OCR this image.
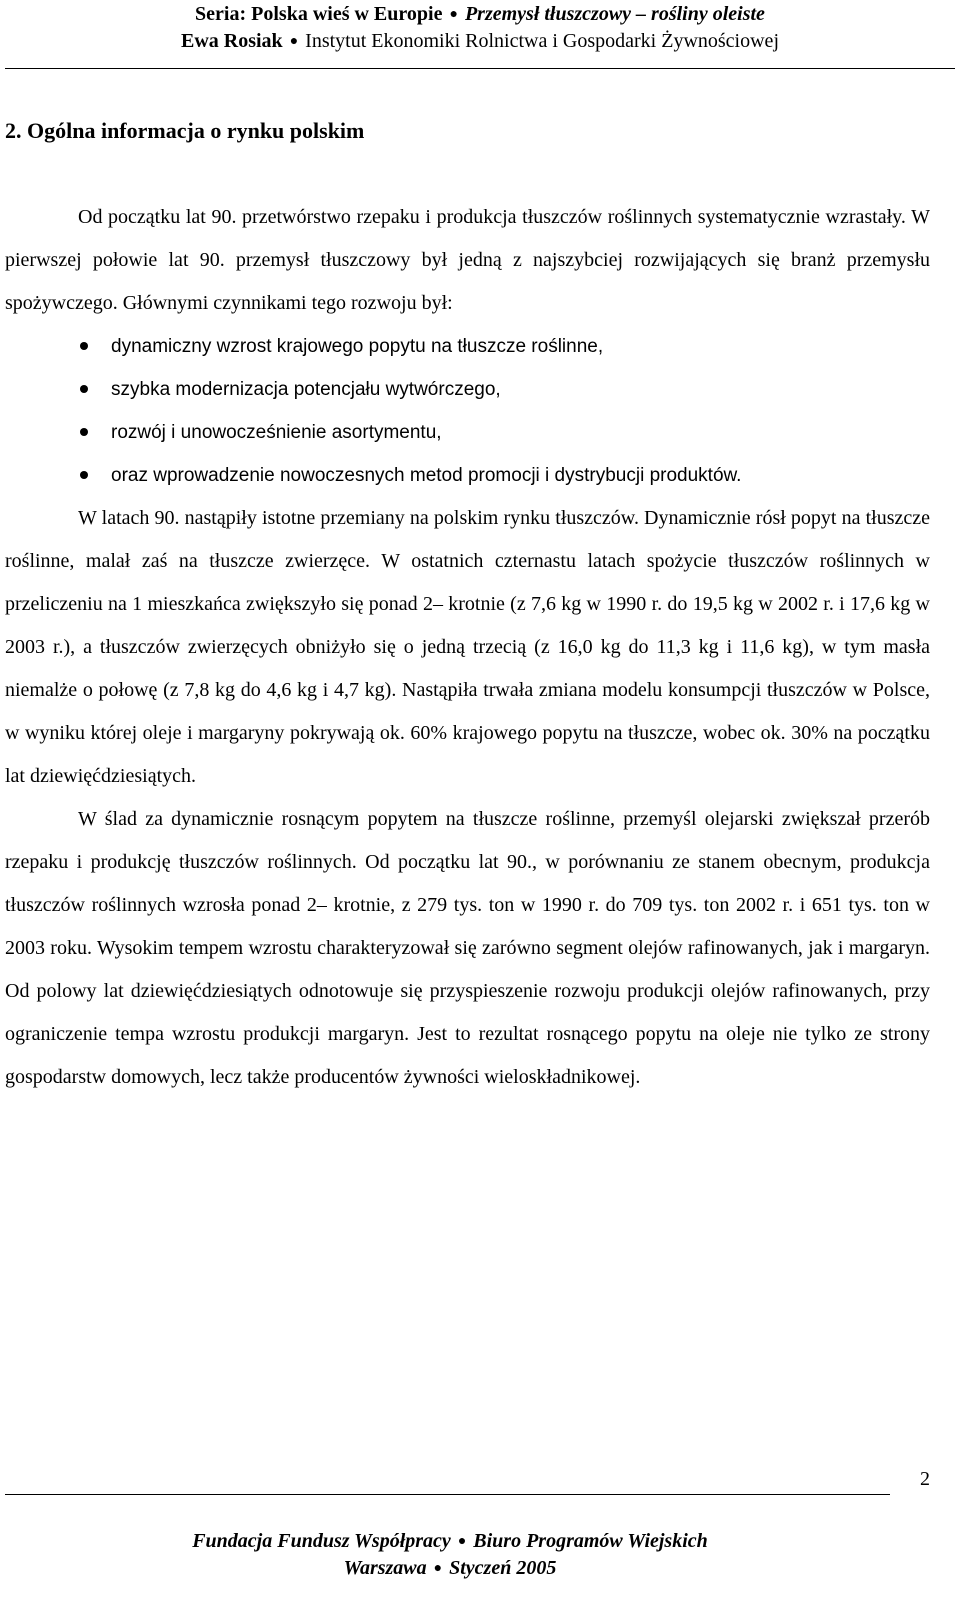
Seria: Polska wieś w Europie ● Przemysł tłuszczowy – rośliny oleiste
Ewa Rosiak ● Instytut Ekonomiki Rolnictwa i Gospodarki Żywnościowej
2. Ogólna informacja o rynku polskim

Od początku lat 90. przetwórstwo rzepaku i produkcja tłuszczów roślinnych systematycznie wzrastały. W pierwszej połowie lat 90. przemysł tłuszczowy był jedną z najszybciej rozwijających się branż przemysłu spożywczego. Głównymi czynnikami tego rozwoju był:

dynamiczny wzrost krajowego popytu na tłuszcze roślinne,
szybka modernizacja potencjału wytwórczego,
rozwój i unowocześnienie asortymentu,
oraz wprowadzenie nowoczesnych metod promocji i dystrybucji produktów.

W latach 90. nastąpiły istotne przemiany na polskim rynku tłuszczów. Dynamicznie rósł popyt na tłuszcze roślinne, malał zaś na tłuszcze zwierzęce. W ostatnich czternastu latach spożycie tłuszczów roślinnych w przeliczeniu na 1 mieszkańca zwiększyło się ponad 2– krotnie (z 7,6 kg w 1990 r. do 19,5 kg w 2002 r. i 17,6 kg w 2003 r.), a tłuszczów zwierzęcych obniżyło się o jedną trzecią (z 16,0 kg do 11,3 kg i 11,6 kg), w tym masła niemalże o połowę (z 7,8 kg do 4,6 kg i 4,7 kg). Nastąpiła trwała zmiana modelu konsumpcji tłuszczów w Polsce, w wyniku której oleje i margaryny pokrywają ok. 60% krajowego popytu na tłuszcze, wobec ok. 30% na początku lat dziewięćdziesiątych.

W ślad za dynamicznie rosnącym popytem na tłuszcze roślinne, przemyśl olejarski zwiększał przerób rzepaku i produkcję tłuszczów roślinnych. Od początku lat 90., w porównaniu ze stanem obecnym, produkcja tłuszczów roślinnych wzrosła ponad 2– krotnie, z 279 tys. ton w 1990 r. do 709 tys. ton 2002 r. i 651 tys. ton w 2003 roku. Wysokim tempem wzrostu charakteryzował się zarówno segment olejów rafinowanych, jak i margaryn. Od polowy lat dziewięćdziesiątych odnotowuje się przyspieszenie rozwoju produkcji olejów rafinowanych, przy ograniczenie tempa wzrostu produkcji margaryn. Jest to rezultat rosnącego popytu na oleje nie tylko ze strony gospodarstw domowych, lecz także producentów żywności wieloskładnikowej.

2
Fundacja Fundusz Współpracy ● Biuro Programów Wiejskich
Warszawa ● Styczeń 2005
